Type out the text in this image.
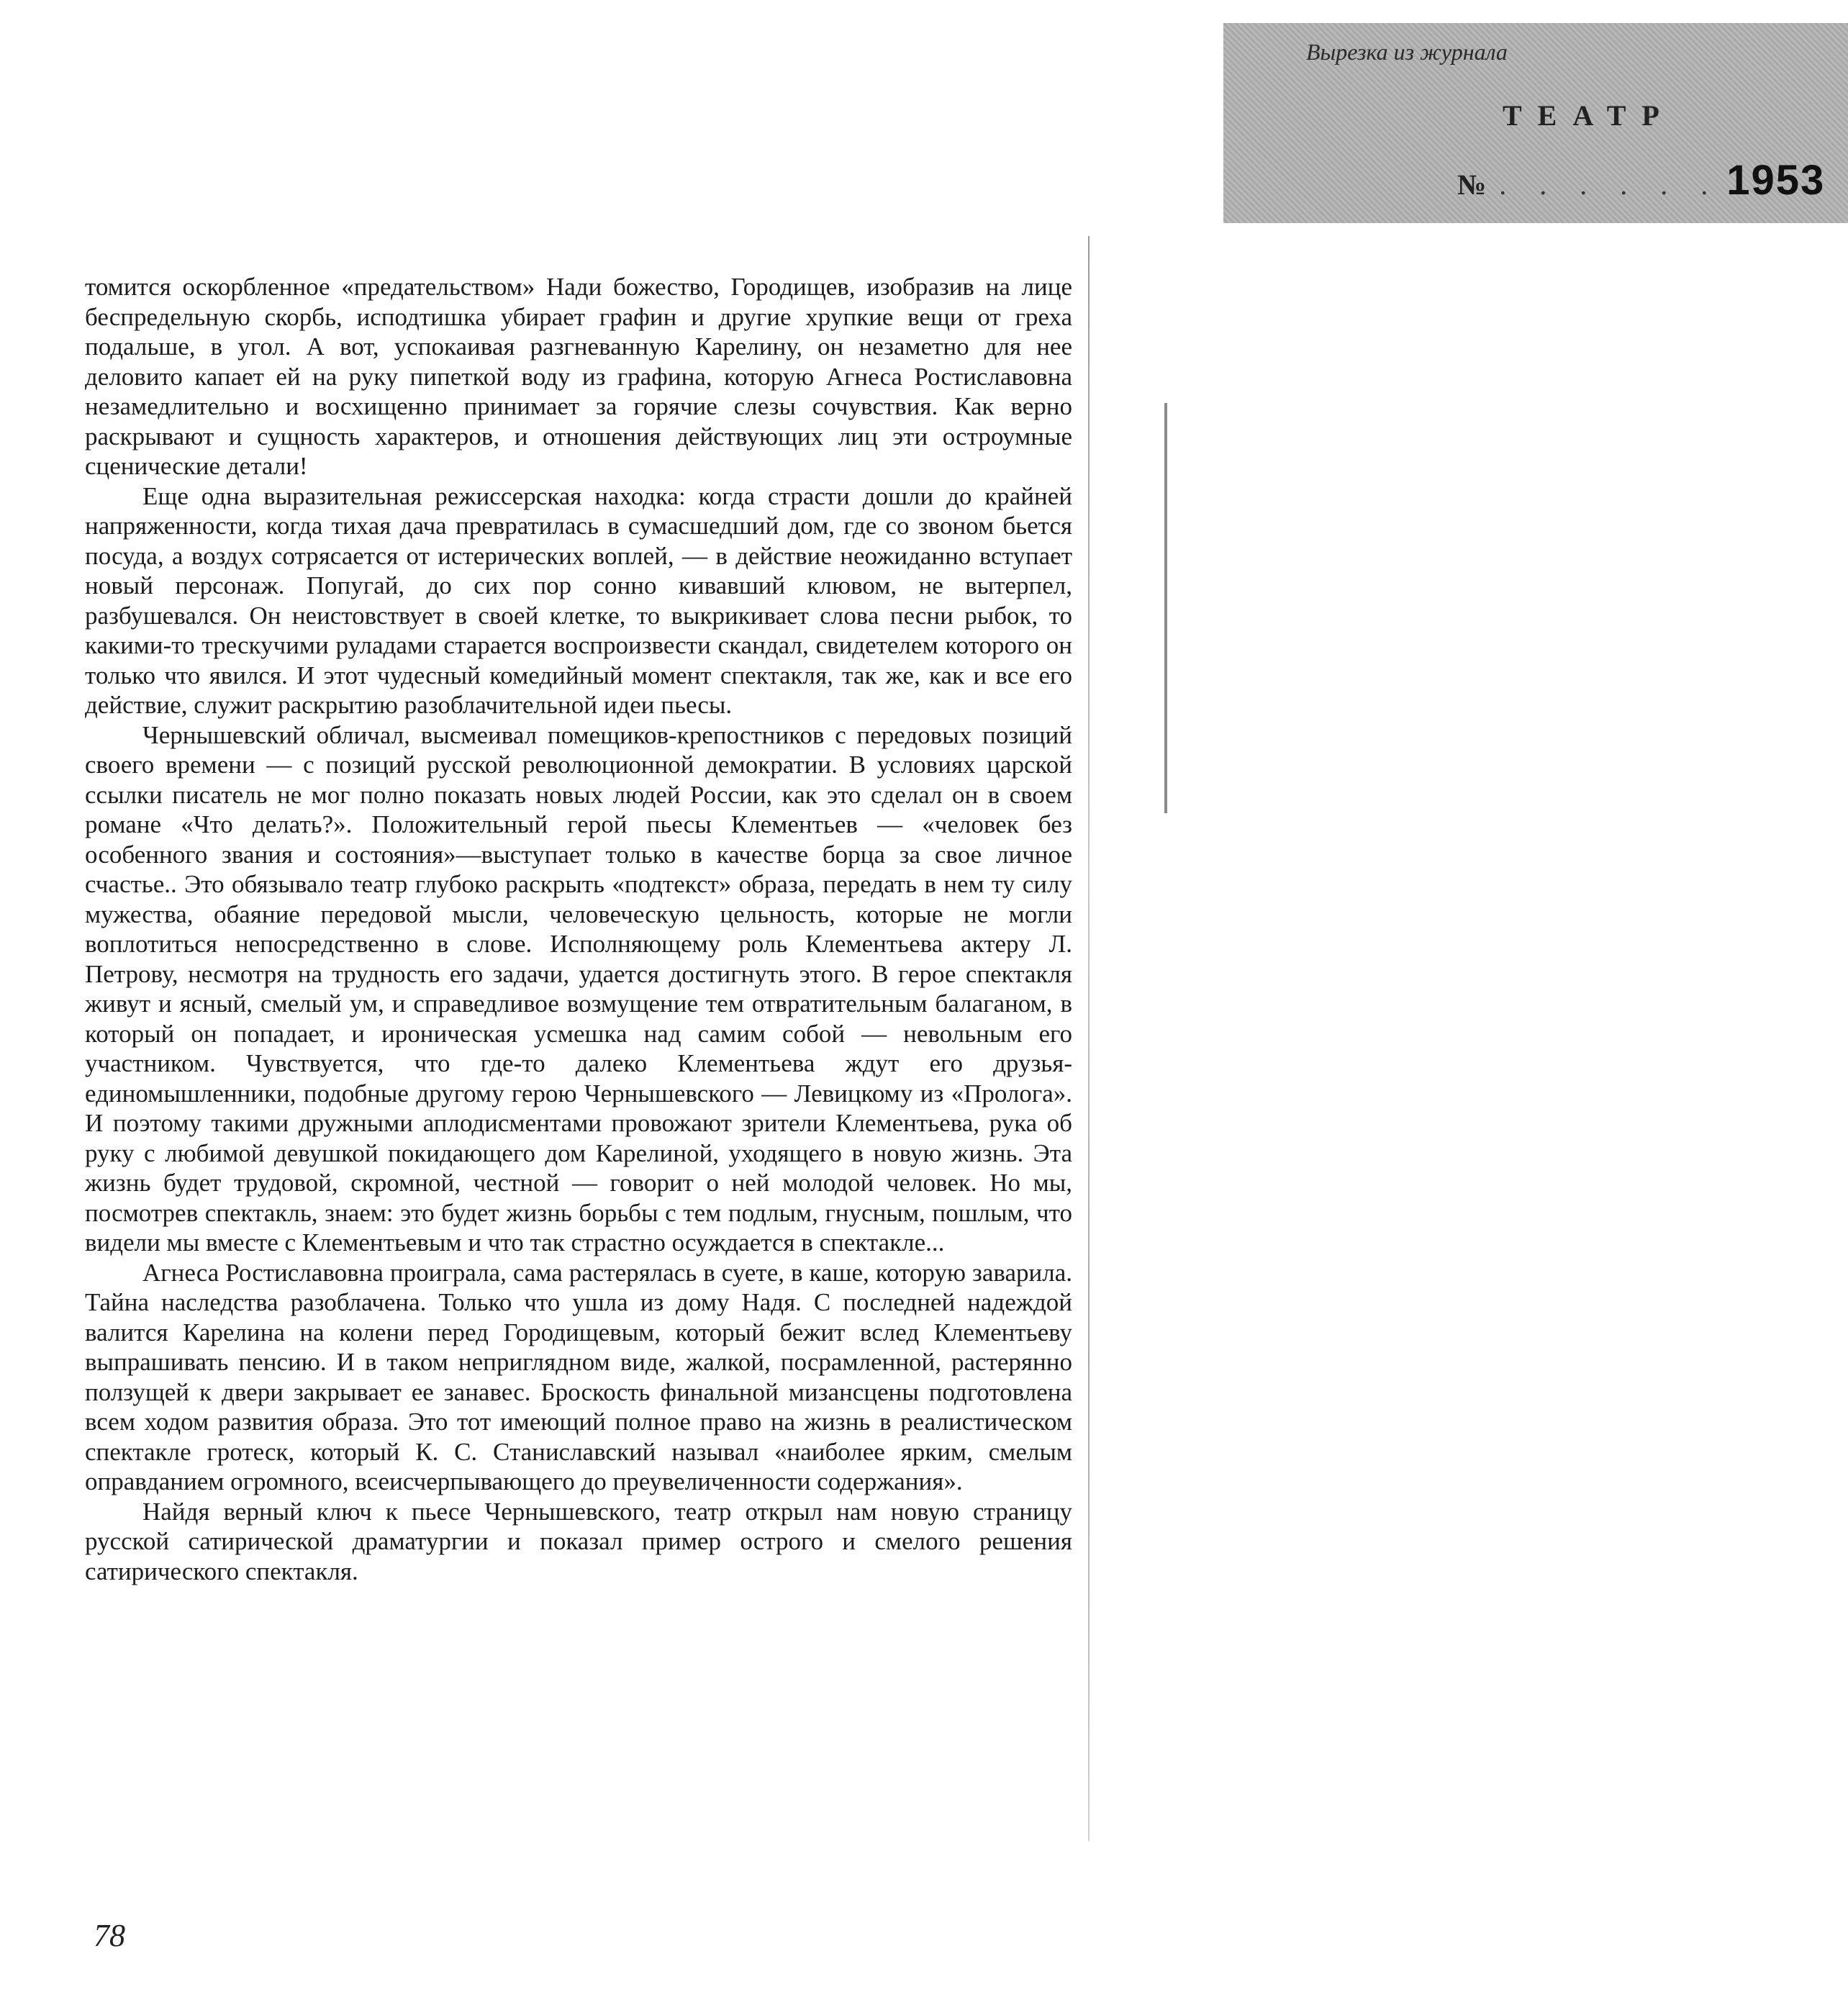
Вырезка из журнала
ТЕАТР
№ . . . . . . 1953

томится оскорбленное «предательством» Нади божество, Городищев, изобразив на лице беспредельную скорбь, исподтишка убирает графин и другие хрупкие вещи от греха подальше, в угол. А вот, успокаивая разгневанную Карелину, он незаметно для нее деловито капает ей на руку пипеткой воду из графина, которую Агнеса Ростиславовна незамедлительно и восхищенно принимает за горячие слезы сочувствия. Как верно раскрывают и сущность характеров, и отношения действующих лиц эти остроумные сценические детали!

Еще одна выразительная режиссерская находка: когда страсти дошли до крайней напряженности, когда тихая дача превратилась в сумасшедший дом, где со звоном бьется посуда, а воздух сотрясается от истерических воплей, — в действие неожиданно вступает новый персонаж. Попугай, до сих пор сонно кивавший клювом, не вытерпел, разбушевался. Он неистовствует в своей клетке, то выкрикивает слова песни рыбок, то какими-то трескучими руладами старается воспроизвести скандал, свидетелем которого он только что явился. И этот чудесный комедийный момент спектакля, так же, как и все его действие, служит раскрытию разоблачительной идеи пьесы.

Чернышевский обличал, высмеивал помещиков-крепостников с передовых позиций своего времени — с позиций русской революционной демократии. В условиях царской ссылки писатель не мог полно показать новых людей России, как это сделал он в своем романе «Что делать?». Положительный герой пьесы Клементьев — «человек без особенного звания и состояния»—выступает только в качестве борца за свое личное счастье.. Это обязывало театр глубоко раскрыть «подтекст» образа, передать в нем ту силу мужества, обаяние передовой мысли, человеческую цельность, которые не могли воплотиться непосредственно в слове. Исполняющему роль Клементьева актеру Л. Петрову, несмотря на трудность его задачи, удается достигнуть этого. В герое спектакля живут и ясный, смелый ум, и справедливое возмущение тем отвратительным балаганом, в который он попадает, и ироническая усмешка над самим собой — невольным его участником. Чувствуется, что где-то далеко Клементьева ждут его друзья-единомышленники, подобные другому герою Чернышевского — Левицкому из «Пролога». И поэтому такими дружными аплодисментами провожают зрители Клементьева, рука об руку с любимой девушкой покидающего дом Карелиной, уходящего в новую жизнь. Эта жизнь будет трудовой, скромной, честной — говорит о ней молодой человек. Но мы, посмотрев спектакль, знаем: это будет жизнь борьбы с тем подлым, гнусным, пошлым, что видели мы вместе с Клементьевым и что так страстно осуждается в спектакле...

Агнеса Ростиславовна проиграла, сама растерялась в суете, в каше, которую заварила. Тайна наследства разоблачена. Только что ушла из дому Надя. С последней надеждой валится Карелина на колени перед Городищевым, который бежит вслед Клементьеву выпрашивать пенсию. И в таком неприглядном виде, жалкой, посрамленной, растерянно ползущей к двери закрывает ее занавес. Броскость финальной мизансцены подготовлена всем ходом развития образа. Это тот имеющий полное право на жизнь в реалистическом спектакле гротеск, который К. С. Станиславский называл «наиболее ярким, смелым оправданием огромного, всеисчерпывающего до преувеличенности содержания».

Найдя верный ключ к пьесе Чернышевского, театр открыл нам новую страницу русской сатирической драматургии и показал пример острого и смелого решения сатирического спектакля.

78
